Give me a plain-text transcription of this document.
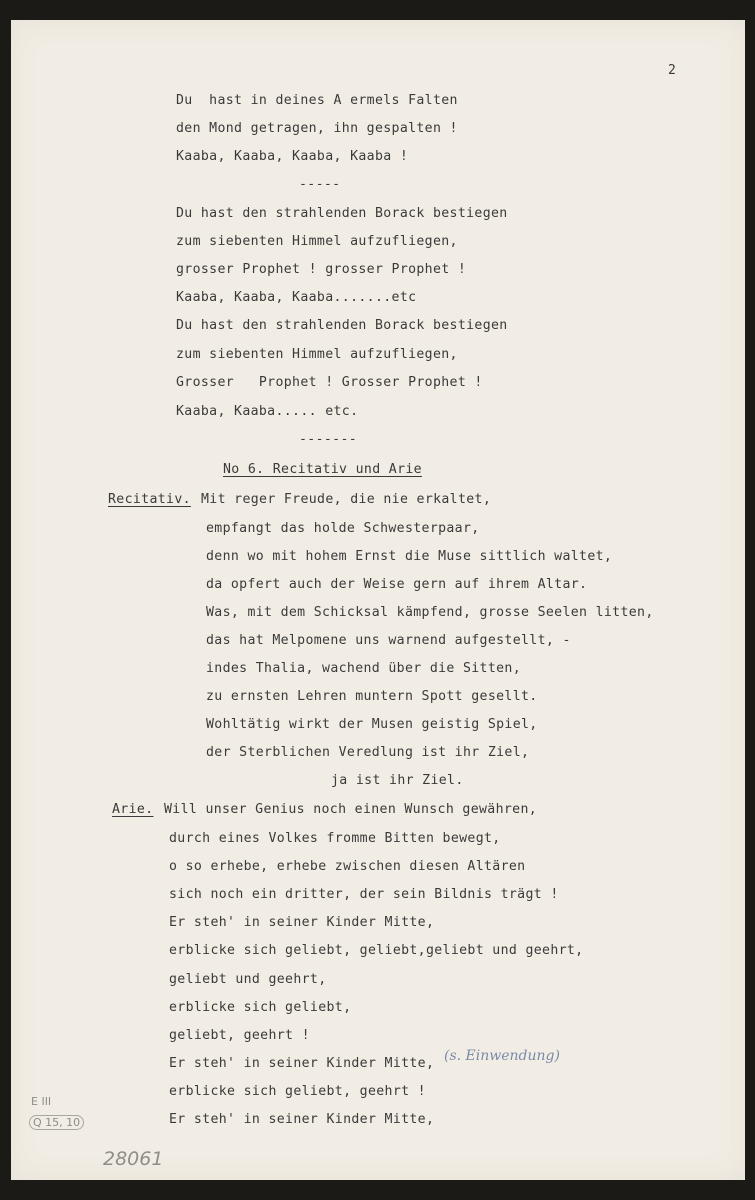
2
Du  hast in deines A ermels Falten
den Mond getragen, ihn gespalten !
Kaaba, Kaaba, Kaaba, Kaaba !
-----
Du hast den strahlenden Borack bestiegen
zum siebenten Himmel aufzufliegen,
grosser Prophet ! grosser Prophet !
Kaaba, Kaaba, Kaaba.......etc
Du hast den strahlenden Borack bestiegen
zum siebenten Himmel aufzufliegen,
Grosser   Prophet ! Grosser Prophet !
Kaaba, Kaaba..... etc.
-------
No 6. Recitativ und Arie
Recitativ. Mit reger Freude, die nie erkaltet,
empfangt das holde Schwesterpaar,
denn wo mit hohem Ernst die Muse sittlich waltet,
da opfert auch der Weise gern auf ihrem Altar.
Was, mit dem Schicksal kämpfend, grosse Seelen litten,
das hat Melpomene uns warnend aufgestellt, -
indes Thalia, wachend über die Sitten,
zu ernsten Lehren muntern Spott gesellt.
Wohltätig wirkt der Musen geistig Spiel,
der Sterblichen Veredlung ist ihr Ziel,
ja ist ihr Ziel.
Arie. Will unser Genius noch einen Wunsch gewähren,
durch eines Volkes fromme Bitten bewegt,
o so erhebe, erhebe zwischen diesen Altären
sich noch ein dritter, der sein Bildnis trägt !
Er steh' in seiner Kinder Mitte,
erblicke sich geliebt, geliebt,geliebt und geehrt,
geliebt und geehrt,
erblicke sich geliebt,
geliebt, geehrt !
Er steh' in seiner Kinder Mitte,
erblicke sich geliebt, geehrt !
Er steh' in seiner Kinder Mitte,
(s. Einwendung)
E III
Q 15, 10
28061
